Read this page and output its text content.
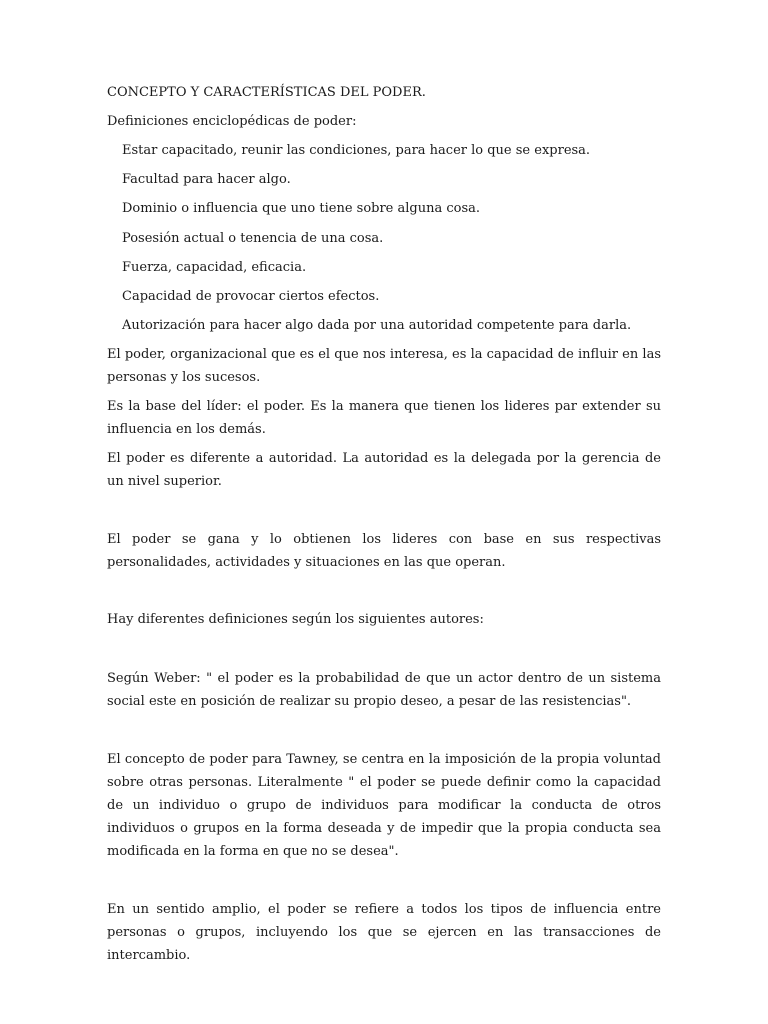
CONCEPTO Y CARACTERÍSTICAS DEL PODER.
Definiciones enciclopédicas de poder:
Estar capacitado, reunir las condiciones, para hacer lo que se expresa.
Facultad para hacer algo.
Dominio o influencia que uno tiene sobre alguna cosa.
Posesión actual o tenencia de una cosa.
Fuerza, capacidad, eficacia.
Capacidad de provocar ciertos efectos.
Autorización para hacer algo dada por una autoridad competente para darla.
El poder, organizacional que es el que nos interesa, es la capacidad de influir en las personas y los sucesos.
Es la base del líder: el poder. Es la manera que tienen los lideres par extender su influencia en los demás.
El poder es diferente a autoridad. La autoridad es la delegada por la gerencia de un nivel superior.
El poder se gana y lo obtienen los lideres con base en sus respectivas personalidades, actividades y situaciones en las que operan.
Hay diferentes definiciones según los siguientes autores:
Según Weber: " el poder es la probabilidad de que un actor dentro de un sistema social este en posición de realizar su propio deseo, a pesar de las resistencias".
El concepto de poder para Tawney, se centra en la imposición de la propia voluntad sobre otras personas. Literalmente " el poder se puede definir como la capacidad de un individuo o grupo de individuos para modificar la conducta de otros individuos o grupos en la forma deseada y de impedir que la propia conducta sea modificada en la forma en que no se desea".
En un sentido amplio, el poder se refiere a todos los tipos de influencia entre personas o grupos, incluyendo los que se ejercen en las transacciones de intercambio.
